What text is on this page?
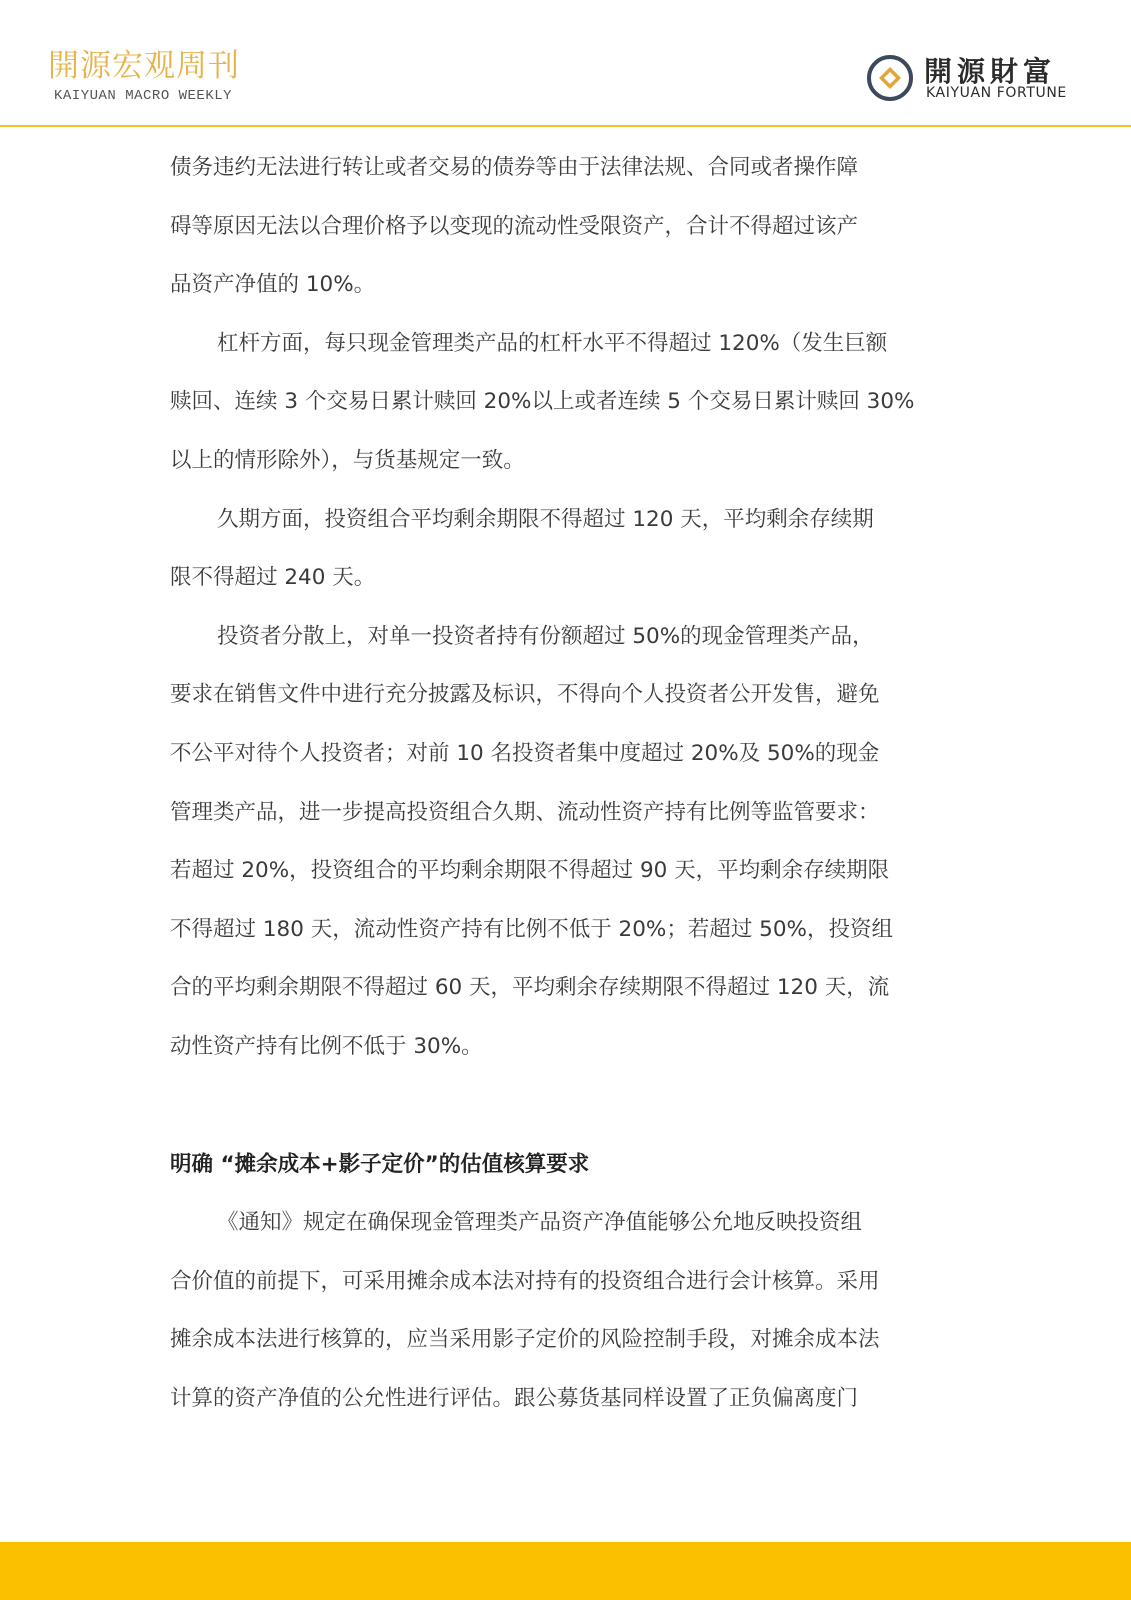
開源宏观周刊
KAIYUAN MACRO WEEKLY
開源財富
KAIYUAN FORTUNE
债务违约无法进行转让或者交易的债券等由于法律法规、合同或者操作障
碍等原因无法以合理价格予以变现的流动性受限资产，合计不得超过该产
品资产净值的 10%。
杠杆方面，每只现金管理类产品的杠杆水平不得超过 120%（发生巨额
赎回、连续 3 个交易日累计赎回 20%以上或者连续 5 个交易日累计赎回 30%
以上的情形除外），与货基规定一致。
久期方面，投资组合平均剩余期限不得超过 120 天，平均剩余存续期
限不得超过 240 天。
投资者分散上，对单一投资者持有份额超过 50%的现金管理类产品，
要求在销售文件中进行充分披露及标识，不得向个人投资者公开发售，避免
不公平对待个人投资者；对前 10 名投资者集中度超过 20%及 50%的现金
管理类产品，进一步提高投资组合久期、流动性资产持有比例等监管要求：
若超过 20%，投资组合的平均剩余期限不得超过 90 天，平均剩余存续期限
不得超过 180 天，流动性资产持有比例不低于 20%；若超过 50%，投资组
合的平均剩余期限不得超过 60 天，平均剩余存续期限不得超过 120 天，流
动性资产持有比例不低于 30%。
明确 “摊余成本+影子定价”的估值核算要求
《通知》规定在确保现金管理类产品资产净值能够公允地反映投资组
合价值的前提下，可采用摊余成本法对持有的投资组合进行会计核算。采用
摊余成本法进行核算的，应当采用影子定价的风险控制手段，对摊余成本法
计算的资产净值的公允性进行评估。跟公募货基同样设置了正负偏离度门
